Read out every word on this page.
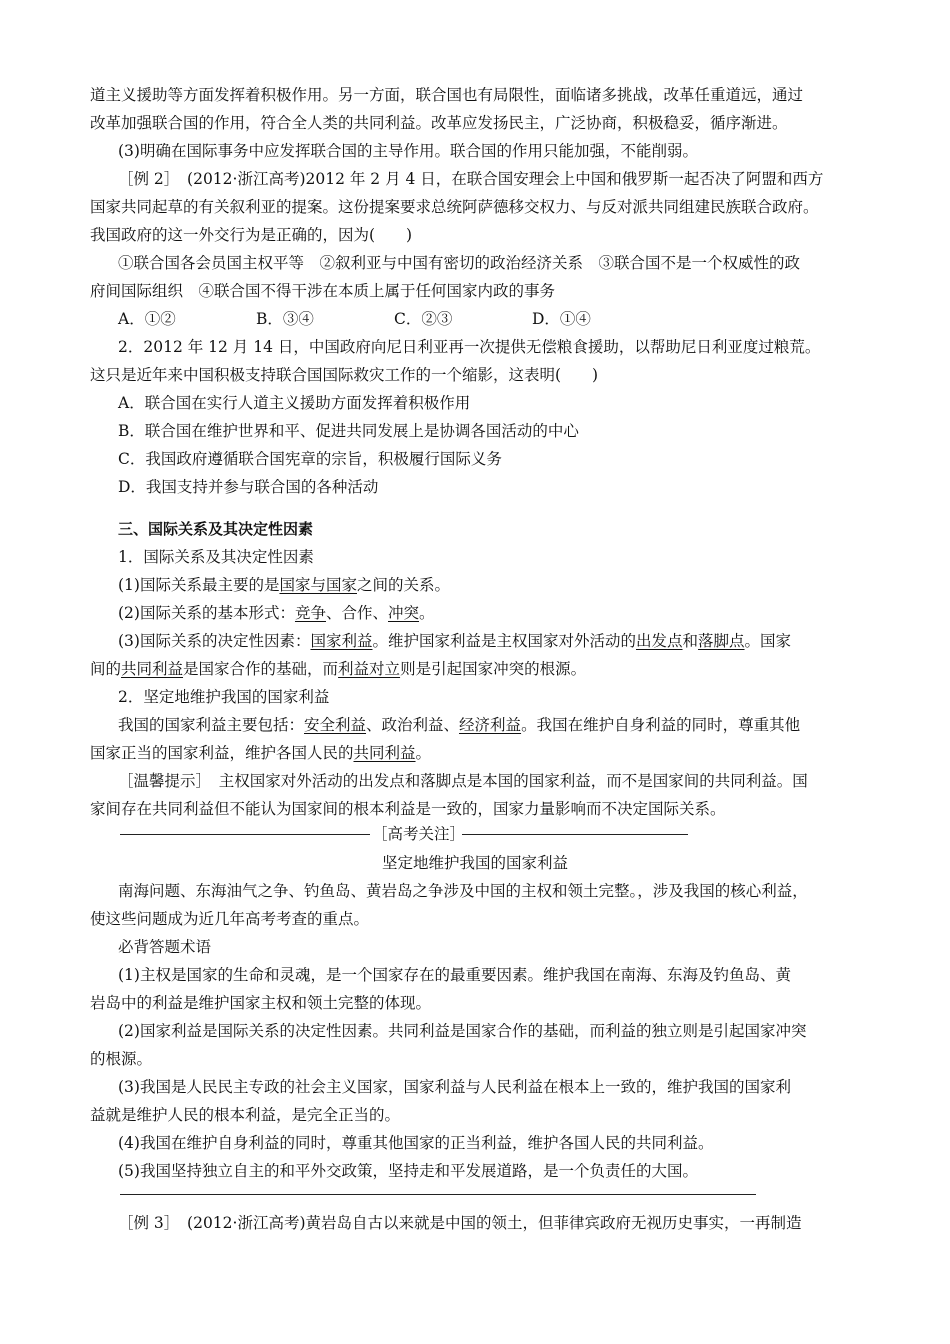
道主义援助等方面发挥着积极作用。另一方面，联合国也有局限性，面临诸多挑战，改革任重道远，通过
改革加强联合国的作用，符合全人类的共同利益。改革应发扬民主，广泛协商，积极稳妥，循序渐进。
(3)明确在国际事务中应发挥联合国的主导作用。联合国的作用只能加强，不能削弱。
［例 2］　(2012·浙江高考)2012 年 2 月 4 日，在联合国安理会上中国和俄罗斯一起否决了阿盟和西方
国家共同起草的有关叙利亚的提案。这份提案要求总统阿萨德移交权力、与反对派共同组建民族联合政府。
我国政府的这一外交行为是正确的，因为(　　)
①联合国各会员国主权平等　②叙利亚与中国有密切的政治经济关系　③联合国不是一个权威性的政
府间国际组织　④联合国不得干涉在本质上属于任何国家内政的事务
A．①②	B．③④	C．②③	D．①④
2．2012 年 12 月 14 日，中国政府向尼日利亚再一次提供无偿粮食援助，以帮助尼日利亚度过粮荒。
这只是近年来中国积极支持联合国国际救灾工作的一个缩影，这表明(　　)
A．联合国在实行人道主义援助方面发挥着积极作用
B．联合国在维护世界和平、促进共同发展上是协调各国活动的中心
C．我国政府遵循联合国宪章的宗旨，积极履行国际义务
D．我国支持并参与联合国的各种活动
三、国际关系及其决定性因素
1．国际关系及其决定性因素
(1)国际关系最主要的是国家与国家之间的关系。
(2)国际关系的基本形式：竞争、合作、冲突。
(3)国际关系的决定性因素：国家利益。维护国家利益是主权国家对外活动的出发点和落脚点。国家
间的共同利益是国家合作的基础，而利益对立则是引起国家冲突的根源。
2．坚定地维护我国的国家利益
我国的国家利益主要包括：安全利益、政治利益、经济利益。我国在维护自身利益的同时，尊重其他
国家正当的国家利益，维护各国人民的共同利益。
［温馨提示］　主权国家对外活动的出发点和落脚点是本国的国家利益，而不是国家间的共同利益。国
家间存在共同利益但不能认为国家间的根本利益是一致的，国家力量影响而不决定国际关系。
［高考关注］
坚定地维护我国的国家利益
南海问题、东海油气之争、钓鱼岛、黄岩岛之争涉及中国的主权和领土完整。，涉及我国的核心利益，
使这些问题成为近几年高考考查的重点。
必背答题术语
(1)主权是国家的生命和灵魂，是一个国家存在的最重要因素。维护我国在南海、东海及钓鱼岛、黄
岩岛中的利益是维护国家主权和领土完整的体现。
(2)国家利益是国际关系的决定性因素。共同利益是国家合作的基础，而利益的独立则是引起国家冲突
的根源。
(3)我国是人民民主专政的社会主义国家，国家利益与人民利益在根本上一致的，维护我国的国家利
益就是维护人民的根本利益，是完全正当的。
(4)我国在维护自身利益的同时，尊重其他国家的正当利益，维护各国人民的共同利益。
(5)我国坚持独立自主的和平外交政策，坚持走和平发展道路，是一个负责任的大国。
［例 3］　(2012·浙江高考)黄岩岛自古以来就是中国的领土，但菲律宾政府无视历史事实，一再制造
